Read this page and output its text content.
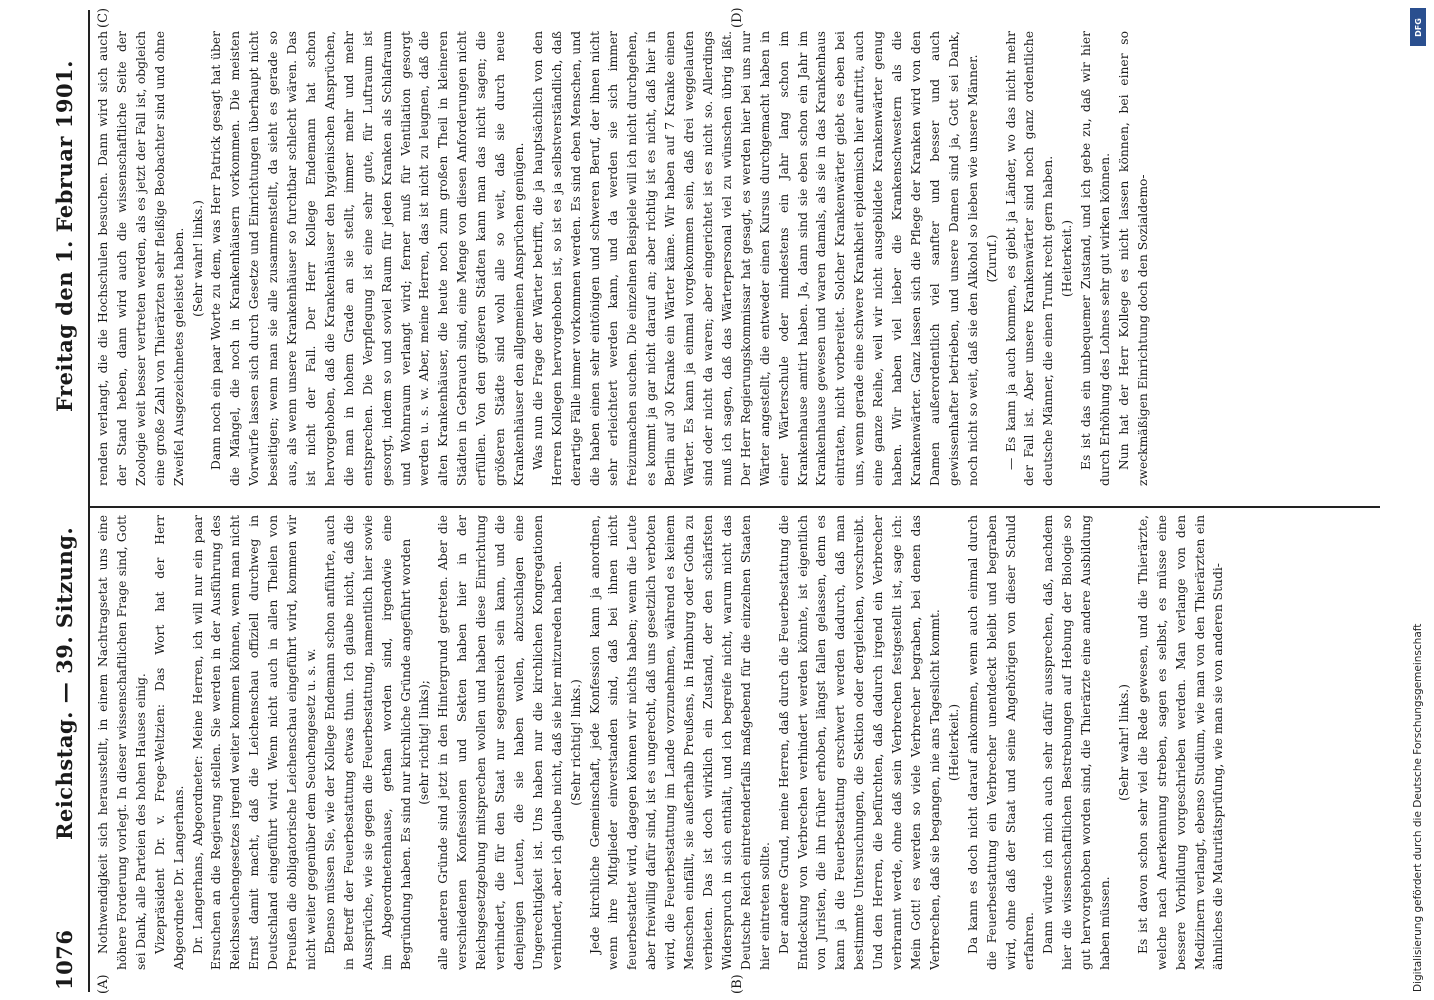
1076
Reichstag. — 39. Sitzung.
Freitag den 1. Februar 1901.
(A)	(B)
(C)	(D)

Nothwendigkeit sich herausstellt, in einem Nachtragsetat uns eine höhere Forderung vorlegt. In dieser wissenschaftlichen Frage sind, Gott sei Dank, alle Parteien des hohen Hauses einig. Vizepräsident Dr. v. Frege-Weltzien: Das Wort hat der Herr Abgeordnete Dr. Langerhans. Dr. Langerhans, Abgeordneter: Meine Herren, ich will nur ein paar Ersuchen an die Regierung stellen. Sie werden in der Ausführung des Reichsseuchengesetzes irgend weiter kommen können, wenn man nicht Ernst damit macht, daß die Leichenschau offiziell durchweg in Deutschland eingeführt wird. Wenn nicht auch in allen Theilen von Preußen die obligatorische Leichenschau eingeführt wird, kommen wir nicht weiter gegenüber dem Seuchengesetz u. s. w. Ebenso müssen Sie, wie der Kollege Endemann schon anführte, auch in Betreff der Feuerbestattung etwas thun. Ich glaube nicht, daß die Aussprüche, wie sie gegen die Feuerbestattung, namentlich hier sowie im Abgeordnetenhause, gethan worden sind, irgendwie eine Begründung haben. Es sind nur kirchliche Gründe angeführt worden (sehr richtig! links); alle anderen Gründe sind jetzt in den Hintergrund getreten. Aber die verschiedenen Konfessionen und Sekten haben hier in der Reichsgesetzgebung mitsprechen wollen und haben diese Einrichtung verhindert, die für den Staat nur segensreich sein kann, und die denjenigen Leuten, die sie haben wollen, abzuschlagen eine Ungerechtigkeit ist. Uns haben nur die kirchlichen Kongregationen verhindert, aber ich glaube nicht, daß sie hier mitzureden haben. (Sehr richtig! links.) Jede kirchliche Gemeinschaft, jede Konfession kann ja anordnen, wenn ihre Mitglieder einverstanden sind, daß bei ihnen nicht feuerbestattet wird, dagegen können wir nichts haben; wenn die Leute aber freiwillig dafür sind, ist es ungerecht, daß uns gesetzlich verboten wird, die Feuerbestattung im Lande vorzunehmen, während es keinem Menschen einfällt, sie außerhalb Preußens, in Hamburg oder Gotha zu verbieten. Das ist doch wirklich ein Zustand, der den schärfsten Widerspruch in sich enthält, und ich begreife nicht, warum nicht das Deutsche Reich eintretenderfalls maßgebend für die einzelnen Staaten hier eintreten sollte. Der andere Grund, meine Herren, daß durch die Feuerbestattung die Entdeckung von Verbrechen verhindert werden könnte, ist eigentlich von Juristen, die ihn früher erhoben, längst fallen gelassen, denn es kann ja die Feuerbestattung erschwert werden dadurch, daß man bestimmte Untersuchungen, die Sektion oder dergleichen, vorschreibt. Und den Herren, die befürchten, daß dadurch irgend ein Verbrecher verbrannt werde, ohne daß sein Verbrechen festgestellt ist, sage ich: Mein Gott! es werden so viele Verbrecher begraben, bei denen das Verbrechen, daß sie begangen, nie ans Tageslicht kommt. (Heiterkeit.) Da kann es doch nicht darauf ankommen, wenn auch einmal durch die Feuerbestattung ein Verbrecher unentdeckt bleibt und begraben wird, ohne daß der Staat und seine Angehörigen von dieser Schuld erfahren. Dann würde ich mich auch sehr dafür aussprechen, daß, nachdem hier die wissenschaftlichen Bestrebungen auf Hebung der Biologie so gut hervorgehoben worden sind, die Thierärzte eine andere Ausbildung haben müssen.

(Sehr wahr! links.) Es ist davon schon sehr viel die Rede gewesen, und die Thierärzte, welche nach Anerkennung streben, sagen es selbst, es müsse eine bessere Vorbildung vorgeschrieben werden. Man verlange von den Medizinern verlangt, ebenso Studium, wie man von den Thierärzten ein ähnliches die Maturitätsprüfung, wie man sie von anderen Studi-

renden verlangt, die die Hochschulen besuchen. Dann wird sich auch der Stand heben, dann wird auch die wissenschaftliche Seite der Zoologie weit besser vertreten werden, als es jetzt der Fall ist, obgleich eine große Zahl von Thierärzten sehr fleißige Beobachter sind und ohne Zweifel Ausgezeichnetes geleistet haben. (Sehr wahr! links.) Dann noch ein paar Worte zu dem, was Herr Patrick gesagt hat über die Mängel, die noch in Krankenhäusern vorkommen. Die meisten Vorwürfe lassen sich durch Gesetze und Einrichtungen überhaupt nicht beseitigen; wenn man sie alle zusammenstellt, da sieht es gerade so aus, als wenn unsere Krankenhäuser so furchtbar schlecht wären. Das ist nicht der Fall. Der Herr Kollege Endemann hat schon hervorgehoben, daß die Krankenhäuser den hygienischen Ansprüchen, die man in hohem Grade an sie stellt, immer mehr und mehr entsprechen. Die Verpflegung ist eine sehr gute, für Luftraum ist gesorgt, indem so und soviel Raum für jeden Kranken als Schlafraum und Wohnraum verlangt wird; ferner muß für Ventilation gesorgt werden u. s. w. Aber, meine Herren, das ist nicht zu leugnen, daß die alten Krankenhäuser, die heute noch zum großen Theil in kleineren Städten in Gebrauch sind, eine Menge von diesen Anforderungen nicht erfüllen. Von den größeren Städten kann man das nicht sagen; die größeren Städte sind wohl alle so weit, daß sie durch neue Krankenhäuser den allgemeinen Ansprüchen genügen. Was nun die Frage der Wärter betrifft, die ja hauptsächlich von den Herren Kollegen hervorgehoben ist, so ist es ja selbstverständlich, daß derartige Fälle immer vorkommen werden. Es sind eben Menschen, und die haben einen sehr eintönigen und schweren Beruf, der ihnen nicht sehr erleichtert werden kann, und da werden sie sich immer freizumachen suchen. Die einzelnen Beispiele will ich nicht durchgehen, es kommt ja gar nicht darauf an; aber richtig ist es nicht, daß hier in Berlin auf 30 Kranke ein Wärter käme. Wir haben auf 7 Kranke einen Wärter. Es kann ja einmal vorgekommen sein, daß drei weggelaufen sind oder nicht da waren; aber eingerichtet ist es nicht so. Allerdings muß ich sagen, daß das Wärterpersonal viel zu wünschen übrig läßt. Der Herr Regierungskommissar hat gesagt, es werden hier bei uns nur Wärter angestellt, die entweder einen Kursus durchgemacht haben in einer Wärterschule oder mindestens ein Jahr lang schon im Krankenhause amtirt haben. Ja, dann sind sie eben schon ein Jahr im Krankenhause gewesen und waren damals, als sie in das Krankenhaus eintraten, nicht vorbereitet. Solcher Krankenwärter giebt es eben bei uns, wenn gerade eine schwere Krankheit epidemisch hier auftritt, auch eine ganze Reihe, weil wir nicht ausgebildete Krankenwärter genug haben. Wir haben viel lieber die Krankenschwestern als die Krankenwärter. Ganz lassen sich die Pflege der Kranken wird von den Damen außerordentlich viel sanfter und besser und auch gewissenhafter betrieben, und unsere Damen sind ja, Gott sei Dank, noch nicht so weit, daß sie den Alkohol so lieben wie unsere Männer. (Zuruf.) — Es kann ja auch kommen, es giebt ja Länder, wo das nicht mehr der Fall ist. Aber unsere Krankenwärter sind noch ganz ordentliche deutsche Männer, die einen Trunk recht gern haben. (Heiterkeit.) Es ist das ein unbequemer Zustand, und ich gebe zu, daß wir hier durch Erhöhung des Lohnes sehr gut wirken können. Nun hat der Herr Kollege es nicht lassen können, bei einer so zweckmäßigen Einrichtung doch den Sozialdemo-

DFG
Digitalisierung gefördert durch die Deutsche Forschungsgemeinschaft
